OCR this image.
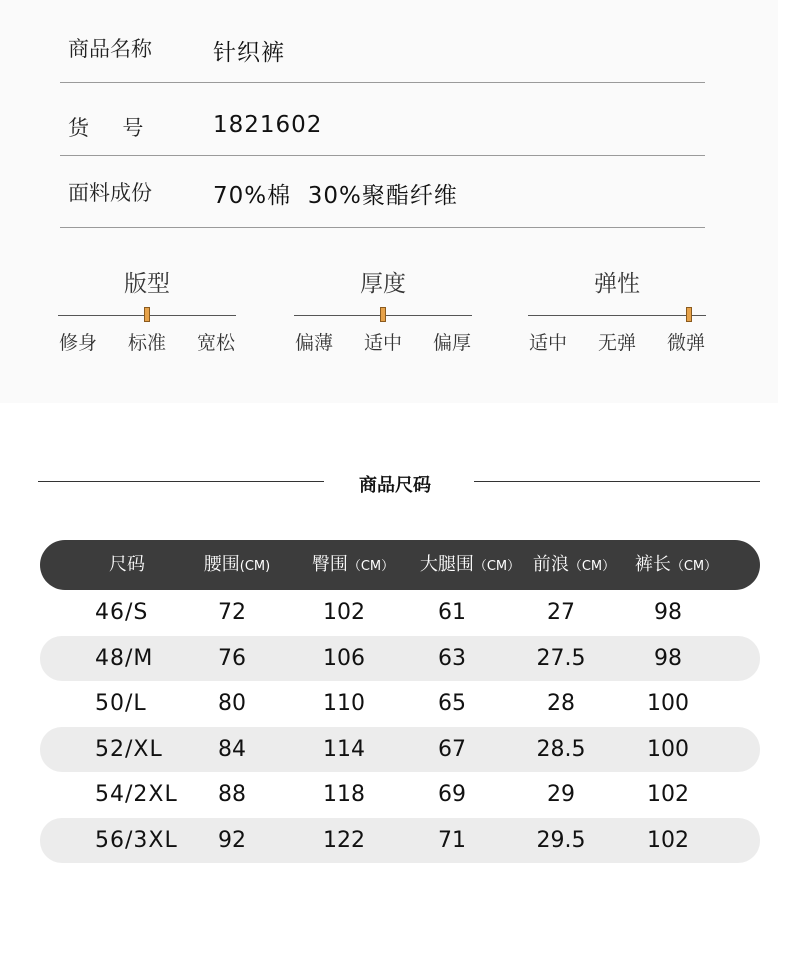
商品名称	针织裤
货     号	1821602
面料成份	70%棉  30%聚酯纤维
版型
修身 标准 宽松
厚度
偏薄 适中 偏厚
弹性
适中 无弹 微弹
商品尺码
尺码	腰围(CM) 臀围（CM） 大腿围（CM） 前浪（CM） 裤长（CM）
46/S	72	102	61	27	98
48/M	76	106	63	27.5	98
50/L	80	110	65	28	100
52/XL	84	114	67	28.5	100
54/2XL 88	118	69	29	102
56/3XL 92	122	71	29.5	102
